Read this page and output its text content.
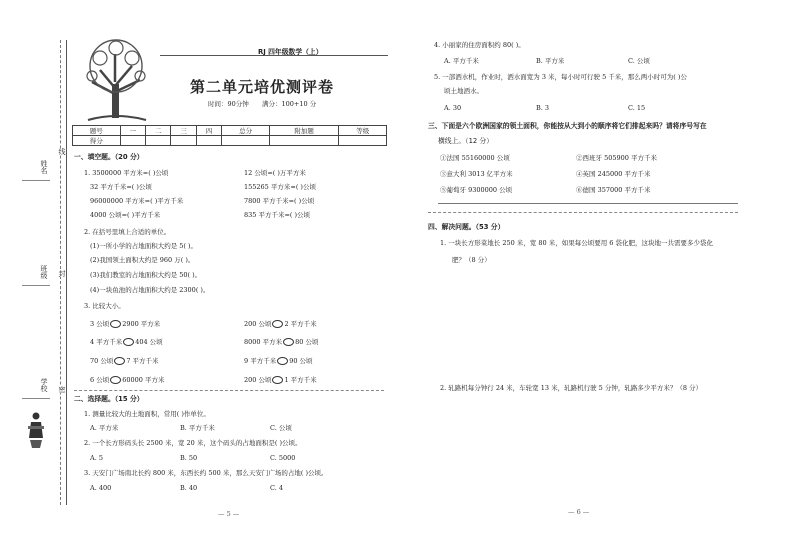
姓名
班级
学校
线
封
密
RJ 四年级数学（上）
第二单元培优测评卷
时间：90分钟 满分：100+10 分
题号	一	二	三	四	总分	附加题	等级
得分							
一、填空题。（20 分）
1. 3500000 平方米=( )公顷	12 公顷=( )万平方米
32 平方千米=( )公顷	155265 平方米≈( )公顷
96000000 平方米=( )平方千米	7800 平方千米=( )公顷
4000 公顷=( )平方千米	835 平方千米=( )公顷
2. 在括号里填上合适的单位。
(1)一所小学的占地面积大约是 5( )。
(2)我国领土面积大约是 960 万( )。
(3)我们教室的占地面积大约是 50( )。
(4)一块鱼池的占地面积大约是 2300( )。
3. 比较大小。
3 公顷 2900 平方米	200 公顷 2 平方千米
4 平方千米 404 公顷	8000 平方米 80 公顷
70 公顷 7 平方千米	9 平方千米 90 公顷
6 公顷 60000 平方米	200 公顷 1 平方千米
二、选择题。（15 分）
1. 测量比较大的土地面积，常用( )作单位。
A. 平方米	B. 平方千米	C. 公顷
2. 一个长方形码头长 2500 米，宽 20 米，这个码头的占地面积是( )公顷。
A. 5	B. 50	C. 5000
3. 天安门广场南北长约 800 米，东西长约 500 米，那么天安门广场的占地( )公顷。
A. 400	B. 40	C. 4
— 5 —
4. 小丽家的住房面积约 80( )。
A. 平方千米	B. 平方米	C. 公顷
5. 一部洒水机，作业时，洒水面宽为 3 米，每小时可行驶 5 千米，那么两小时可为( )公
顷土地洒水。
A. 30	B. 3	C. 15
三、下面是六个欧洲国家的领土面积，你能按从大到小的顺序将它们排起来吗？请将序号写在
横线上。（12 分）
①法国 55160000 公顷	②西班牙 505900 平方千米
③意大利 3013 亿平方米	④英国 245000 平方千米
⑤葡萄牙 9300000 公顷	⑥德国 357000 平方千米
四、解决问题。（53 分）
1. 一块长方形菜地长 250 米，宽 80 米，如果每公顷要用 6 袋化肥，这块地一共需要多少袋化
肥？（8 分）
2. 轧路机每分钟行 24 米，车轮宽 13 米，轧路机行驶 5 分钟，轧路多少平方米？（8 分）
— 6 —
